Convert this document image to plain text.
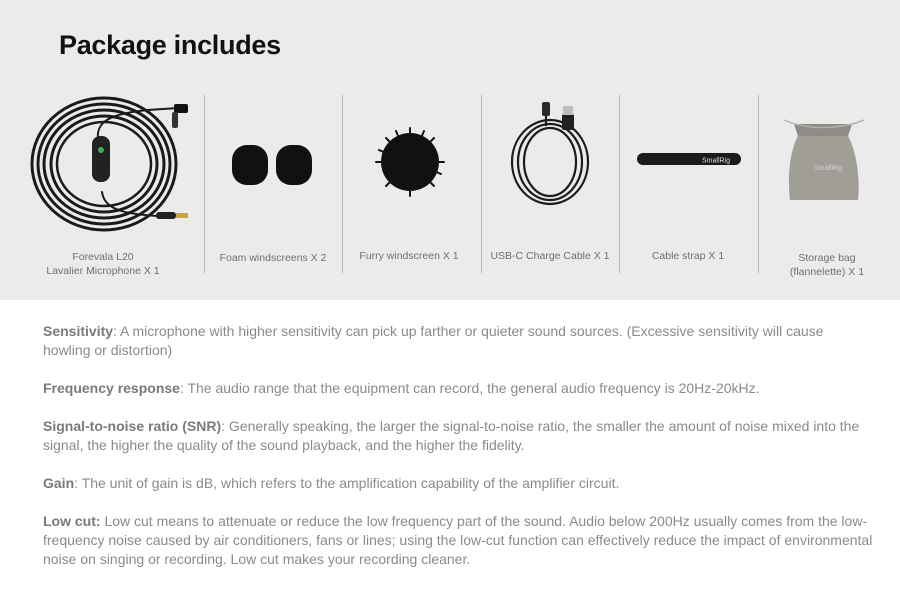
Package includes
Forevala L20
Lavalier Microphone X 1
Foam windscreens X 2	Furry windscreen X 1	USB-C Charge Cable X 1
SmallRig
Cable strap X 1
SmallRig
Storage bag
(flannelette) X 1

Sensitivity: A microphone with higher sensitivity can pick up farther or quieter sound sources. (Excessive sensitivity will cause howling or distortion)

Frequency response: The audio range that the equipment can record, the general audio frequency is 20Hz-20kHz.

Signal-to-noise ratio (SNR): Generally speaking, the larger the signal-to-noise ratio, the smaller the amount of noise mixed into the signal, the higher the quality of the sound playback, and the higher the fidelity.

Gain: The unit of gain is dB, which refers to the amplification capability of the amplifier circuit.

Low cut: Low cut means to attenuate or reduce the low frequency part of the sound. Audio below 200Hz usually comes from the low-frequency noise caused by air conditioners, fans or lines; using the low-cut function can effectively reduce the impact of environmental noise on singing or recording. Low cut makes your recording cleaner.
